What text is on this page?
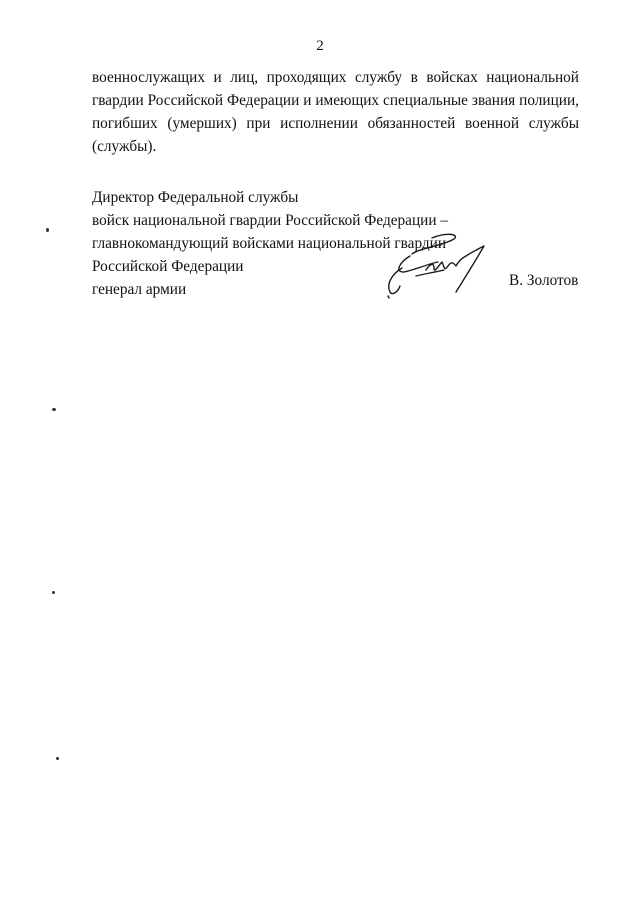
2
военнослужащих и лиц, проходящих службу в войсках национальной
гвардии Российской Федерации и имеющих специальные звания полиции,
погибших (умерших) при исполнении обязанностей военной службы
(службы).
Директор Федеральной службы
войск национальной гвардии Российской Федерации –
главнокомандующий войсками национальной гвардии
Российской Федерации
генерал армии
В. Золотов
